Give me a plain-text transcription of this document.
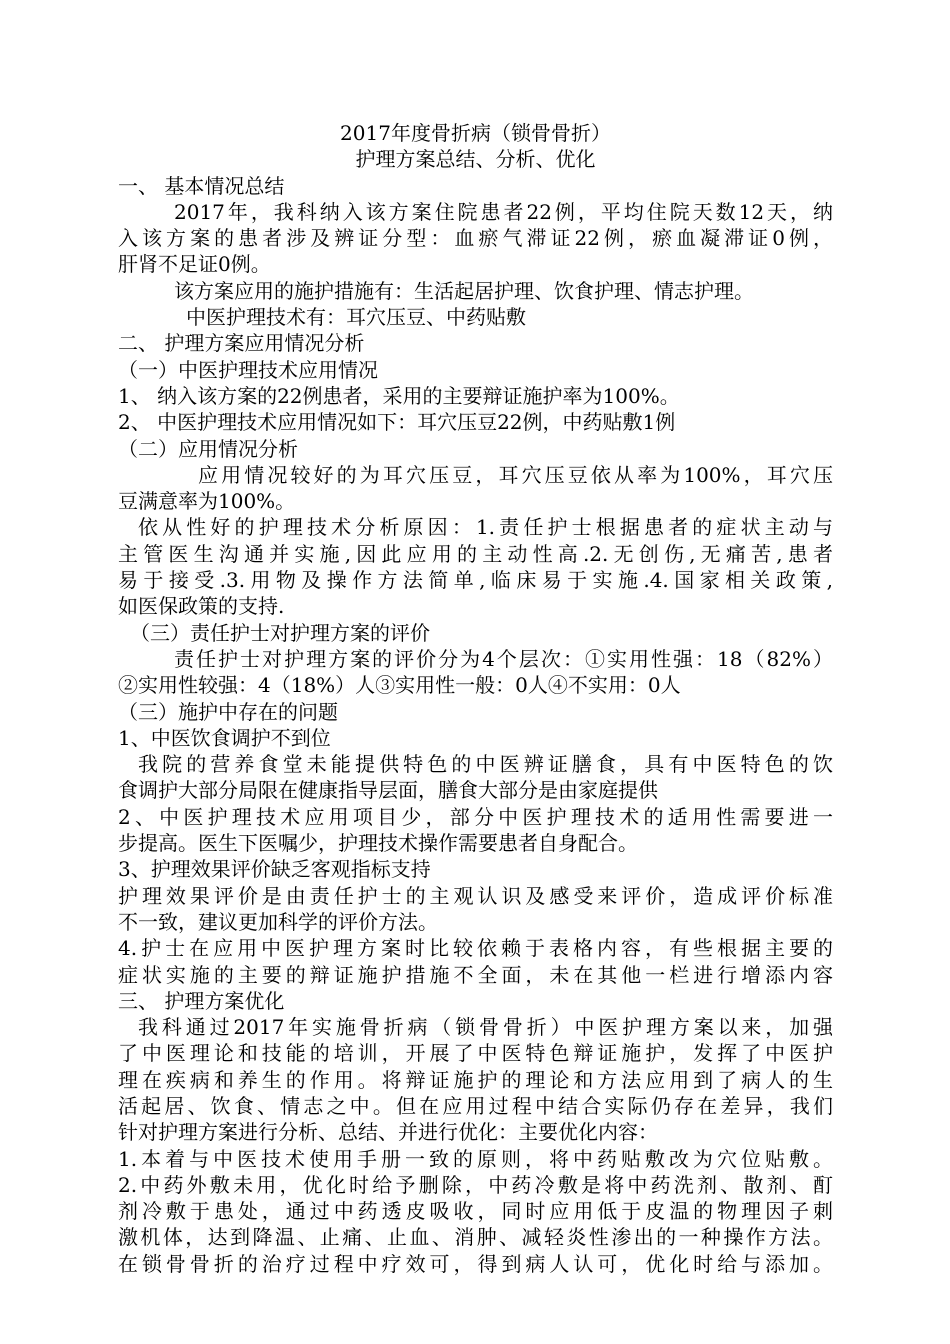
2017年度骨折病（锁骨骨折）
护理方案总结、分析、优化
一、 基本情况总结
2017年，我科纳入该方案住院患者22例，平均住院天数12天，纳
入该方案的患者涉及辨证分型：血瘀气滞证22例，瘀血凝滞证0例，
肝肾不足证0例。
该方案应用的施护措施有：生活起居护理、饮食护理、情志护理。
中医护理技术有：耳穴压豆、中药贴敷
二、 护理方案应用情况分析
（一）中医护理技术应用情况
1、 纳入该方案的22例患者，采用的主要辩证施护率为100%。
2、 中医护理技术应用情况如下：耳穴压豆22例，中药贴敷1例
（二）应用情况分析
应用情况较好的为耳穴压豆，耳穴压豆依从率为100%，耳穴压
豆满意率为100%。
依从性好的护理技术分析原因：1.责任护士根据患者的症状主动与
主管医生沟通并实施,因此应用的主动性高.2.无创伤,无痛苦,患者
易于接受.3.用物及操作方法简单,临床易于实施.4.国家相关政策,
如医保政策的支持.
（三）责任护士对护理方案的评价
责任护士对护理方案的评价分为4个层次：①实用性强：18（82%）
②实用性较强：4（18%）人③实用性一般：0人④不实用：0人
（三）施护中存在的问题
1、中医饮食调护不到位
我院的营养食堂未能提供特色的中医辨证膳食，具有中医特色的饮
食调护大部分局限在健康指导层面，膳食大部分是由家庭提供
2、中医护理技术应用项目少，部分中医护理技术的适用性需要进一
步提高。医生下医嘱少，护理技术操作需要患者自身配合。
3、护理效果评价缺乏客观指标支持
护理效果评价是由责任护士的主观认识及感受来评价，造成评价标准
不一致，建议更加科学的评价方法。
4.护士在应用中医护理方案时比较依赖于表格内容，有些根据主要的
症状实施的主要的辩证施护措施不全面，未在其他一栏进行增添内容
三、 护理方案优化
我科通过2017年实施骨折病（锁骨骨折）中医护理方案以来，加强
了中医理论和技能的培训，开展了中医特色辩证施护，发挥了中医护
理在疾病和养生的作用。将辩证施护的理论和方法应用到了病人的生
活起居、饮食、情志之中。但在应用过程中结合实际仍存在差异，我们
针对护理方案进行分析、总结、并进行优化：主要优化内容：
1.本着与中医技术使用手册一致的原则，将中药贴敷改为穴位贴敷。
2.中药外敷未用，优化时给予删除，中药冷敷是将中药洗剂、散剂、酊
剂冷敷于患处，通过中药透皮吸收，同时应用低于皮温的物理因子刺
激机体，达到降温、止痛、止血、消肿、减轻炎性渗出的一种操作方法。
在锁骨骨折的治疗过程中疗效可，得到病人认可，优化时给与添加。
